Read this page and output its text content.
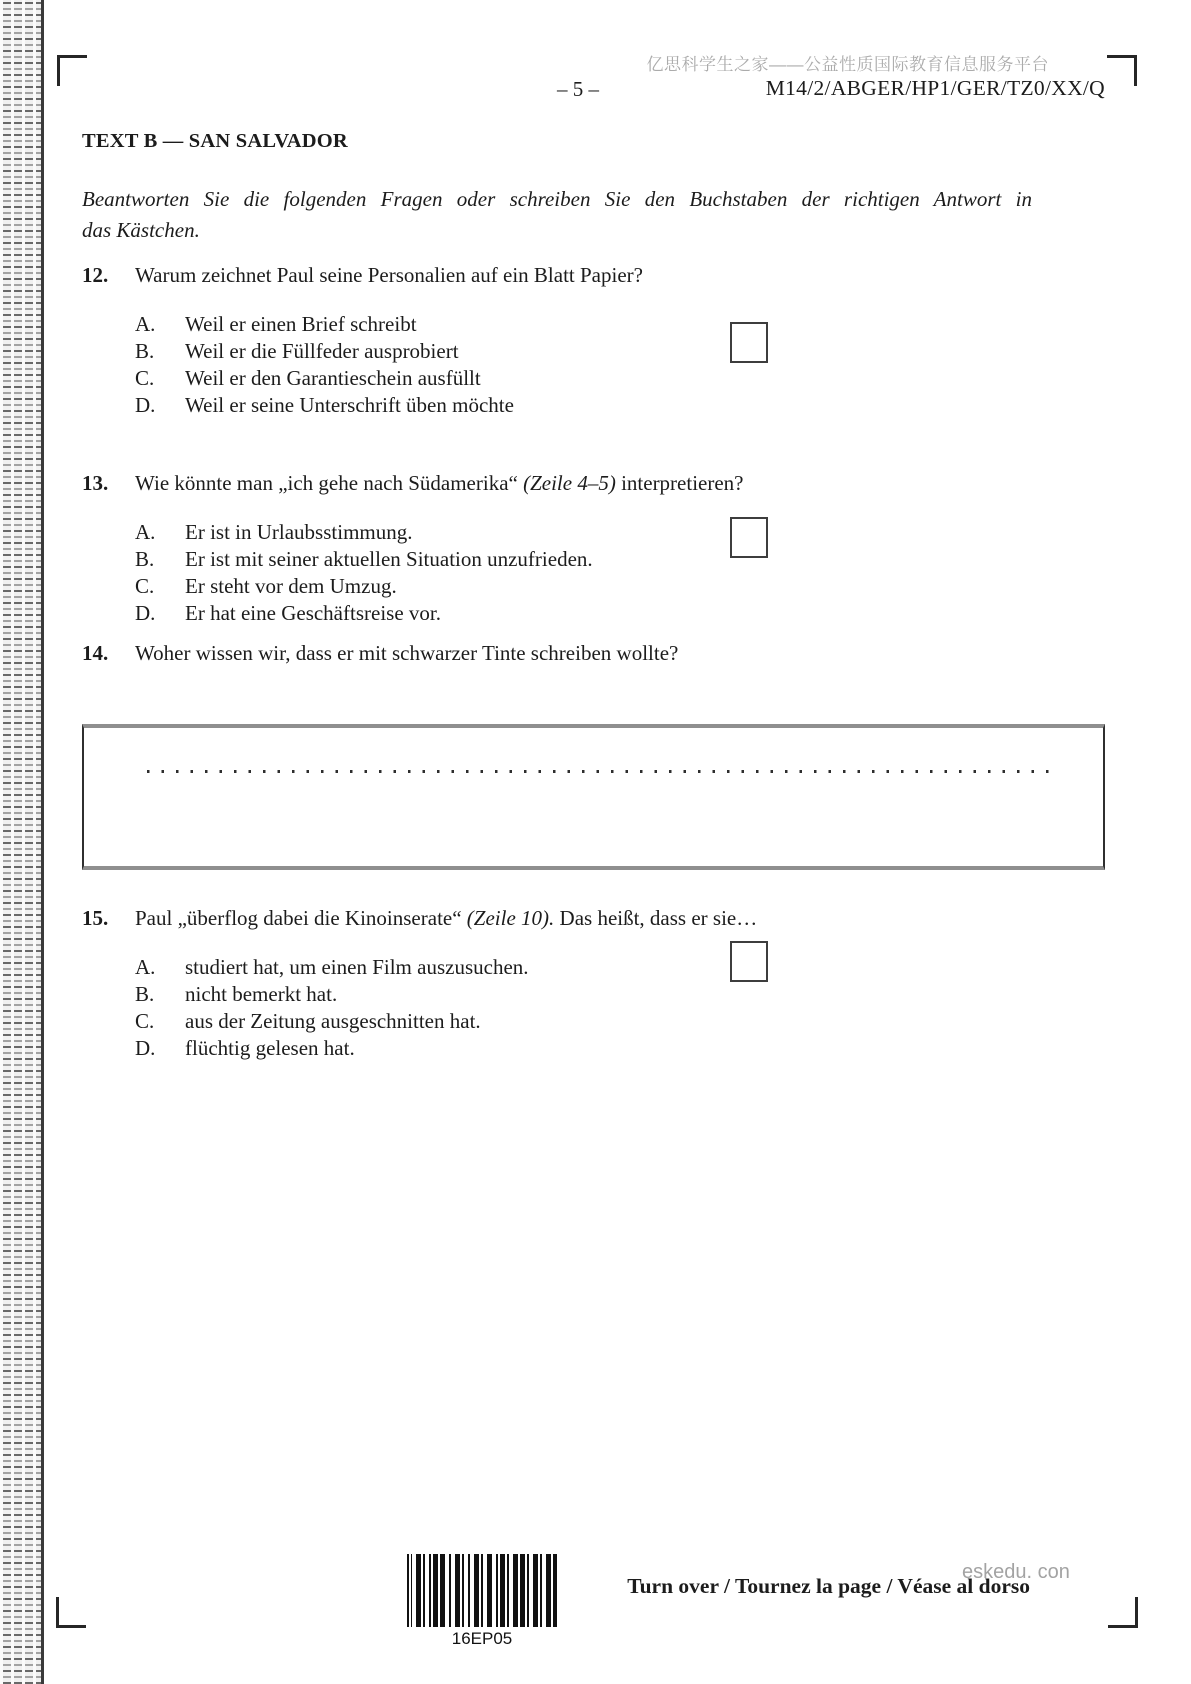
亿思科学生之家——公益性质国际教育信息服务平台
– 5 –	M14/2/ABGER/HP1/GER/TZ0/XX/Q
TEXT B — SAN SALVADOR
Beantworten Sie die folgenden Fragen oder schreiben Sie den Buchstaben der richtigen Antwort in
das Kästchen.
12.	Warum zeichnet Paul seine Personalien auf ein Blatt Papier?
A.	Weil er einen Brief schreibt
B.	Weil er die Füllfeder ausprobiert
C.	Weil er den Garantieschein ausfüllt
D.	Weil er seine Unterschrift üben möchte
13.	Wie könnte man „ich gehe nach Südamerika“ (Zeile 4–5) interpretieren?
A.	Er ist in Urlaubsstimmung.
B.	Er ist mit seiner aktuellen Situation unzufrieden.
C.	Er steht vor dem Umzug.
D.	Er hat eine Geschäftsreise vor.
14.	Woher wissen wir, dass er mit schwarzer Tinte schreiben wollte?
15.	Paul „überflog dabei die Kinoinserate“ (Zeile 10). Das heißt, dass er sie…
A.	studiert hat, um einen Film auszusuchen.
B.	nicht bemerkt hat.
C.	aus der Zeitung ausgeschnitten hat.
D.	flüchtig gelesen hat.
16EP05
eskedu. con
Turn over / Tournez la page / Véase al dorso
